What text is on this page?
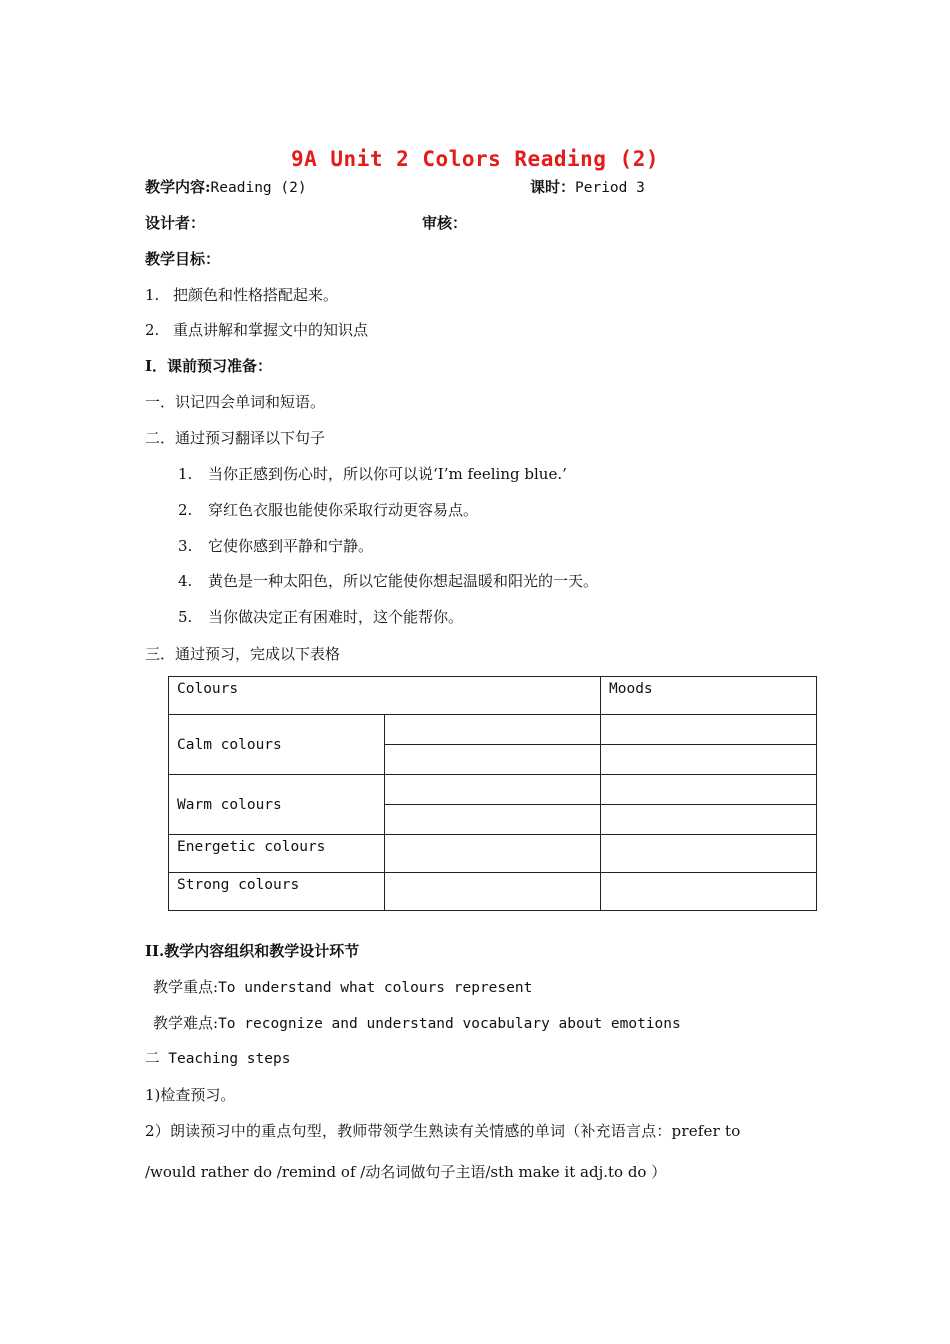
9A Unit 2 Colors Reading (2)
教学内容:Reading (2)	课时：Period 3
设计者：	审核：
教学目标：
1. 把颜色和性格搭配起来。
2. 重点讲解和掌握文中的知识点
I．课前预习准备：
一．识记四会单词和短语。
二．通过预习翻译以下句子
1. 当你正感到伤心时，所以你可以说‘I’m feeling blue.’
2. 穿红色衣服也能使你采取行动更容易点。
3. 它使你感到平静和宁静。
4. 黄色是一种太阳色，所以它能使你想起温暖和阳光的一天。
5. 当你做决定正有困难时，这个能帮你。
三．通过预习，完成以下表格
Colours		Moods
Calm colours		

Warm colours		

Energetic colours		
Strong colours		
II.教学内容组织和教学设计环节
教学重点:To understand what colours represent
教学难点:To recognize and understand vocabulary about emotions
二 Teaching steps
1)检查预习。
2）朗读预习中的重点句型，教师带领学生熟读有关情感的单词（补充语言点：prefer to
/would rather do /remind of /动名词做句子主语/sth make it adj.to do ）
